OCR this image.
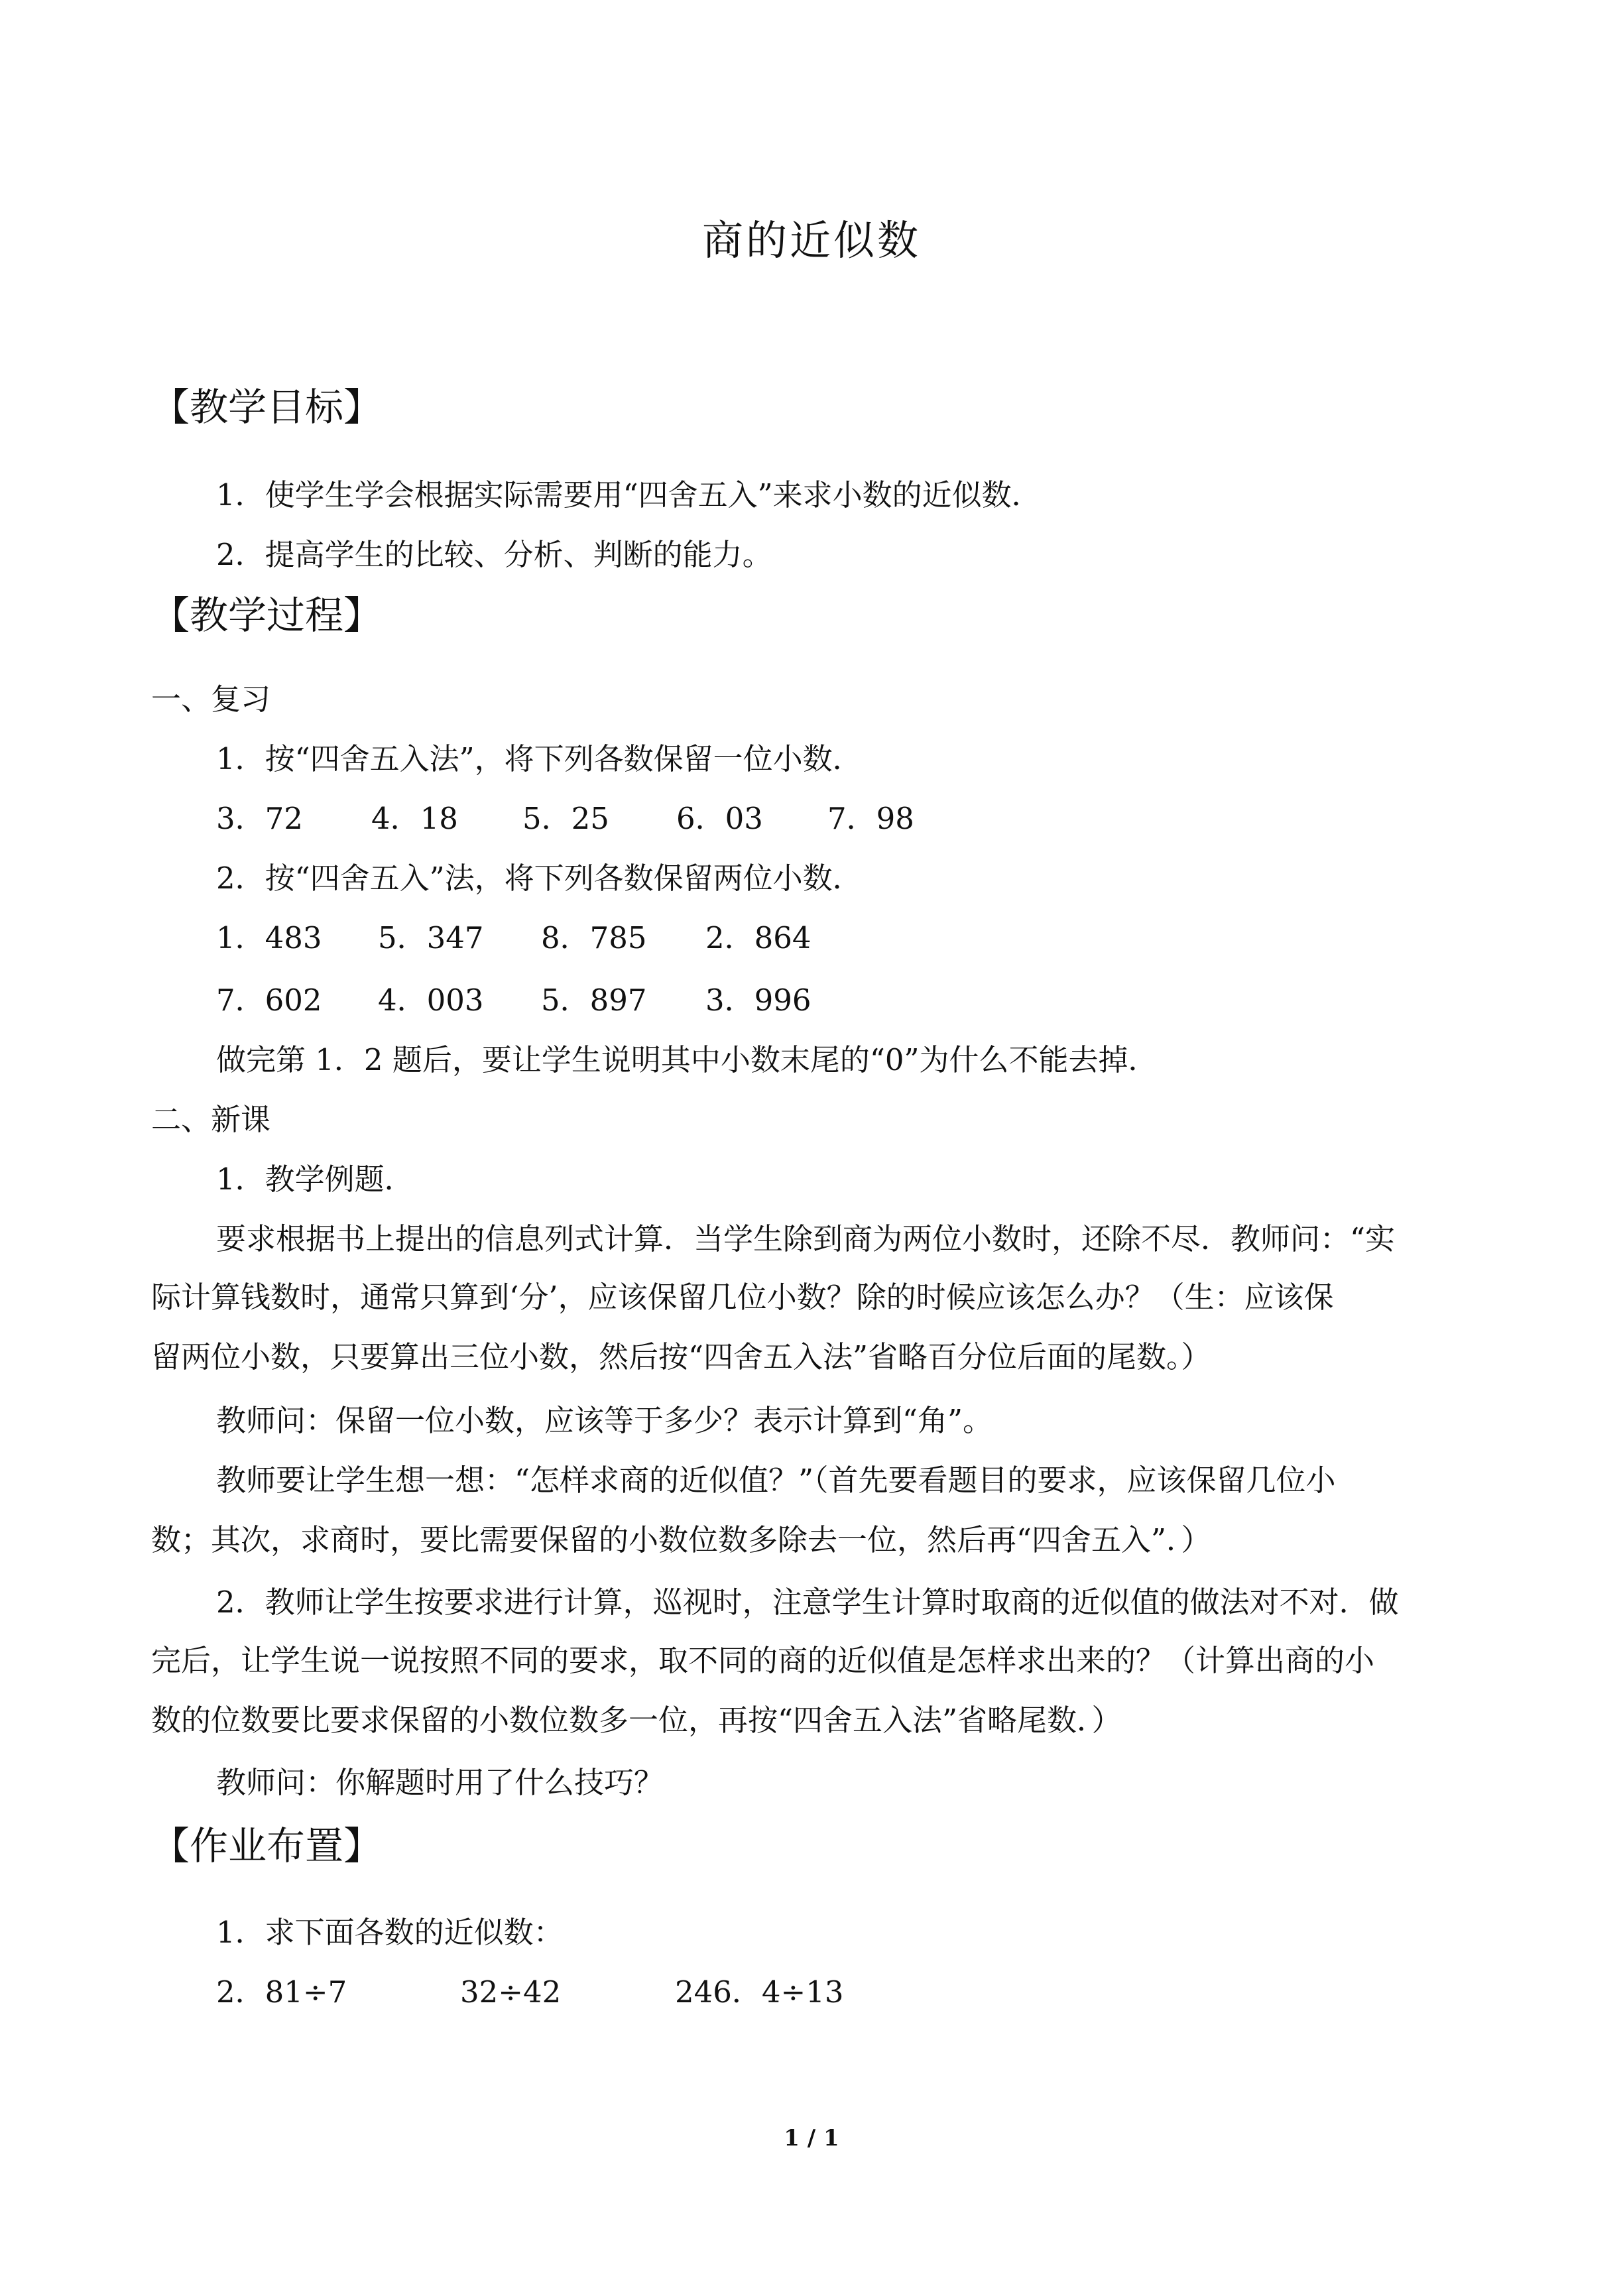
商的近似数
【教学目标】
1．使学生学会根据实际需要用“四舍五入”来求小数的近似数．
2．提高学生的比较、分析、判断的能力。
【教学过程】
一、复习
1．按“四舍五入法”，将下列各数保留一位小数．
3．72	4．18	5．25	6．03	7．98
2．按“四舍五入”法，将下列各数保留两位小数．
1．483	5．347	8．785	2．864
7．602	4．003	5．897	3．996
做完第 1．2 题后，要让学生说明其中小数末尾的“0”为什么不能去掉．
二、新课
1．教学例题．
要求根据书上提出的信息列式计算．当学生除到商为两位小数时，还除不尽．教师问：“实
际计算钱数时，通常只算到‘分’，应该保留几位小数？除的时候应该怎么办？（生：应该保
留两位小数，只要算出三位小数，然后按“四舍五入法”省略百分位后面的尾数。）
教师问：保留一位小数，应该等于多少？表示计算到“角”。
教师要让学生想一想：“怎样求商的近似值？”（首先要看题目的要求，应该保留几位小
数；其次，求商时，要比需要保留的小数位数多除去一位，然后再“四舍五入”．）
2．教师让学生按要求进行计算，巡视时，注意学生计算时取商的近似值的做法对不对．做
完后，让学生说一说按照不同的要求，取不同的商的近似值是怎样求出来的？（计算出商的小
数的位数要比要求保留的小数位数多一位，再按“四舍五入法”省略尾数．）
教师问：你解题时用了什么技巧？
【作业布置】
1．求下面各数的近似数：
2．81÷7	32÷42	246．4÷13
1 / 1
